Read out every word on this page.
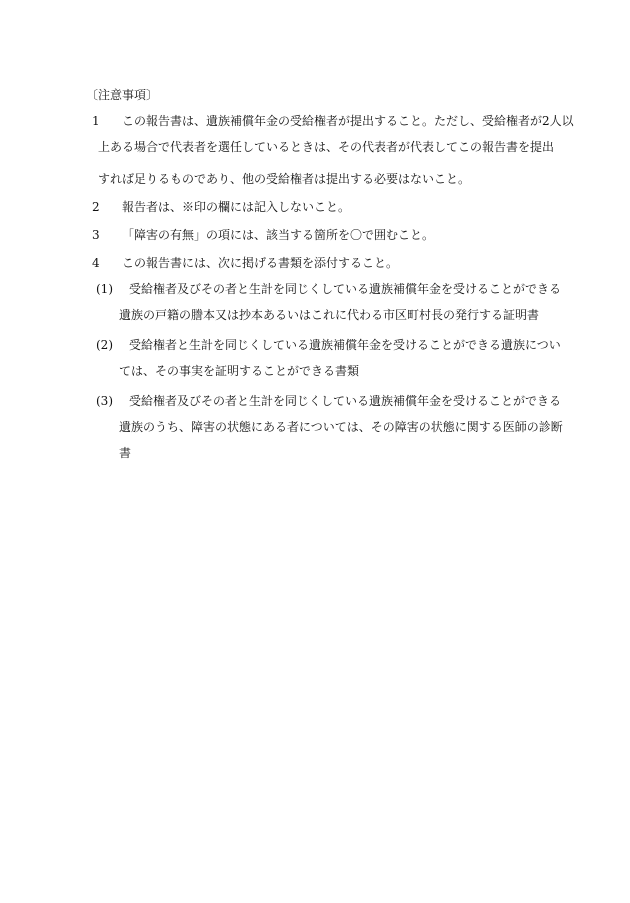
〔注意事項〕
1 この報告書は、遺族補償年金の受給権者が提出すること。ただし、受給権者が2人以
上ある場合で代表者を選任しているときは、その代表者が代表してこの報告書を提出
すれば足りるものであり、他の受給権者は提出する必要はないこと。
2 報告者は、※印の欄には記入しないこと。
3 「障害の有無」の項には、該当する箇所を〇で囲むこと。
4 この報告書には、次に掲げる書類を添付すること。
(1) 受給権者及びその者と生計を同じくしている遺族補償年金を受けることができる
遺族の戸籍の謄本又は抄本あるいはこれに代わる市区町村長の発行する証明書
(2) 受給権者と生計を同じくしている遺族補償年金を受けることができる遺族につい
ては、その事実を証明することができる書類
(3) 受給権者及びその者と生計を同じくしている遺族補償年金を受けることができる
遺族のうち、障害の状態にある者については、その障害の状態に関する医師の診断
書
